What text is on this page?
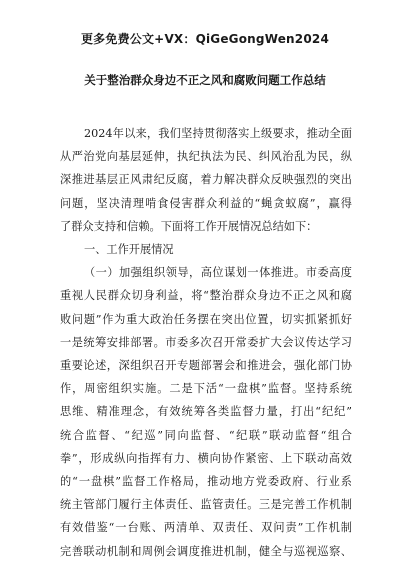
更多免费公文+VX：QiGeGongWen2024
关于整治群众身边不正之风和腐败问题工作总结
2024年以来，我们坚持贯彻落实上级要求，推动全面
从严治党向基层延伸，执纪执法为民、纠风治乱为民，纵
深推进基层正风肃纪反腐，着力解决群众反映强烈的突出
问题，坚决清理啃食侵害群众利益的“蝇贪蚁腐”，赢得
了群众支持和信赖。下面将工作开展情况总结如下：
一、工作开展情况
（一）加强组织领导，高位谋划一体推进。市委高度
重视人民群众切身利益，将“整治群众身边不正之风和腐
败问题”作为重大政治任务摆在突出位置，切实抓紧抓好
一是统筹安排部署。市委多次召开常委扩大会议传达学习
重要论述，深组织召开专题部署会和推进会，强化部门协
作，周密组织实施。二是下活“一盘棋”监督。坚持系统
思维、精准理念，有效统筹各类监督力量，打出“纪纪”
统合监督、“纪巡”同向监督、“纪联”联动监督“组合
拳”，形成纵向指挥有力、横向协作紧密、上下联动高效
的“一盘棋”监督工作格局，推动地方党委政府、行业系
统主管部门履行主体责任、监管责任。三是完善工作机制
有效借鉴“一台账、两清单、双责任、双问责”工作机制
完善联动机制和周例会调度推进机制，健全与巡视巡察、
